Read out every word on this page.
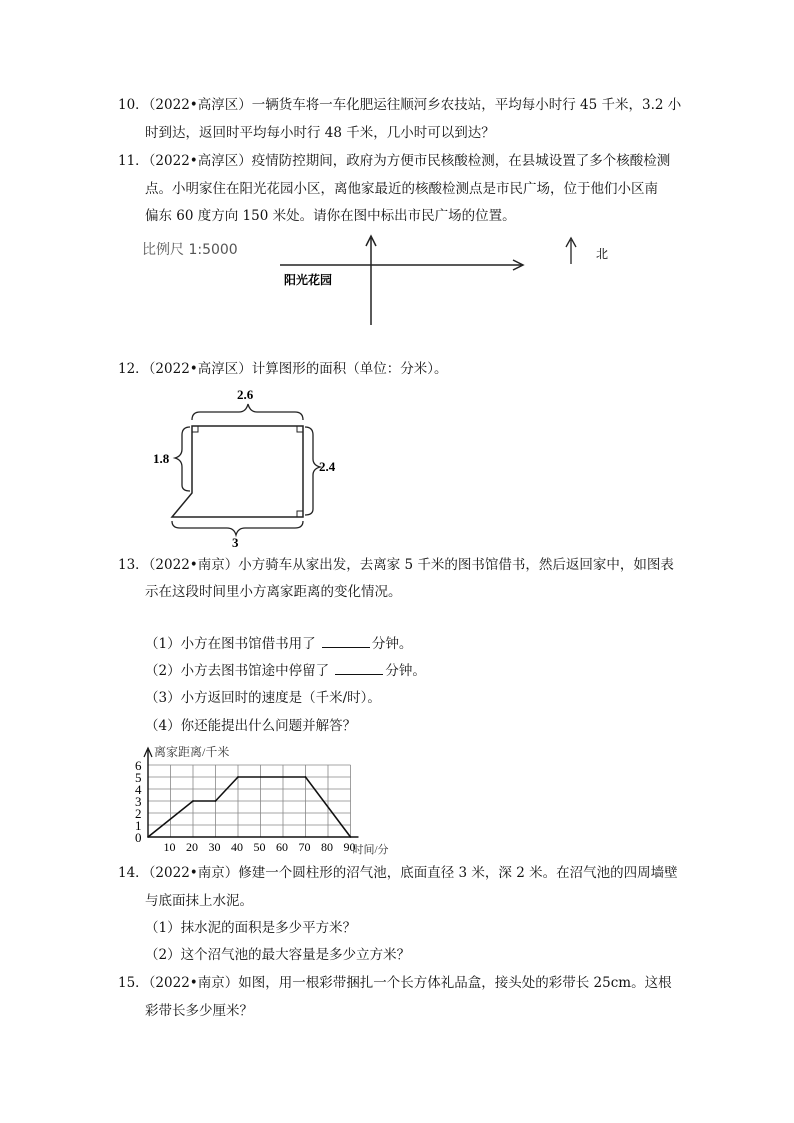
10．（2022•高淳区）一辆货车将一车化肥运往顺河乡农技站，平均每小时行 45 千米，3.2 小
时到达，返回时平均每小时行 48 千米，几小时可以到达？
11．（2022•高淳区）疫情防控期间，政府为方便市民核酸检测，在县城设置了多个核酸检测
点。小明家住在阳光花园小区，离他家最近的核酸检测点是市民广场，位于他们小区南
偏东 60 度方向 150 米处。请你在图中标出市民广场的位置。
比例尺 1:5000
阳光花园
北
12．（2022•高淳区）计算图形的面积（单位：分米）。
2.6
1.8
2.4
3
13．（2022•南京）小方骑车从家出发，去离家 5 千米的图书馆借书，然后返回家中，如图表
示在这段时间里小方离家距离的变化情况。
（1）小方在图书馆借书用了	分钟。
（2）小方去图书馆途中停留了	分钟。
（3）小方返回时的速度是（千米/时）。
（4）你还能提出什么问题并解答？
0
1
2
3
4
5
6
10 20 30 40 50 60 70 80 90
离家距离/千米
时间/分
14．（2022•南京）修建一个圆柱形的沼气池，底面直径 3 米，深 2 米。在沼气池的四周墙壁
与底面抹上水泥。
（1）抹水泥的面积是多少平方米？
（2）这个沼气池的最大容量是多少立方米？
15．（2022•南京）如图，用一根彩带捆扎一个长方体礼品盒，接头处的彩带长 25cm。这根
彩带长多少厘米？
